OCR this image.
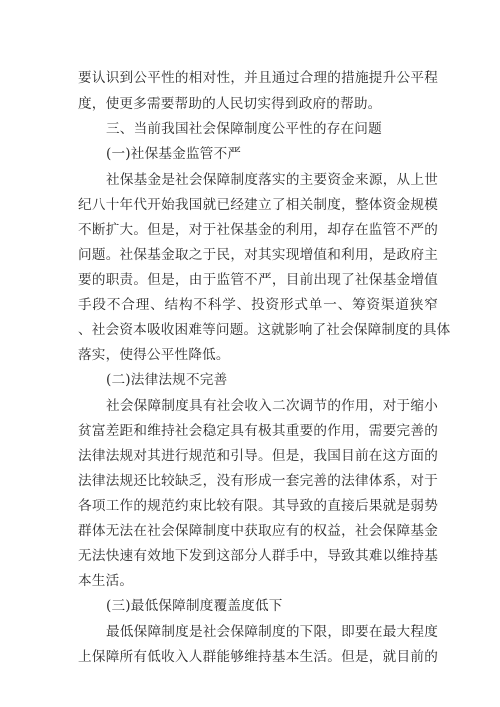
要认识到公平性的相对性，并且通过合理的措施提升公平程
度，使更多需要帮助的人民切实得到政府的帮助。
三、当前我国社会保障制度公平性的存在问题
(一)社保基金监管不严
社保基金是社会保障制度落实的主要资金来源，从上世
纪八十年代开始我国就已经建立了相关制度，整体资金规模
不断扩大。但是，对于社保基金的利用，却存在监管不严的
问题。社保基金取之于民，对其实现增值和利用，是政府主
要的职责。但是，由于监管不严，目前出现了社保基金增值
手段不合理、结构不科学、投资形式单一、筹资渠道狭窄
、社会资本吸收困难等问题。这就影响了社会保障制度的具体
落实，使得公平性降低。
(二)法律法规不完善
社会保障制度具有社会收入二次调节的作用，对于缩小
贫富差距和维持社会稳定具有极其重要的作用，需要完善的
法律法规对其进行规范和引导。但是，我国目前在这方面的
法律法规还比较缺乏，没有形成一套完善的法律体系，对于
各项工作的规范约束比较有限。其导致的直接后果就是弱势
群体无法在社会保障制度中获取应有的权益，社会保障基金
无法快速有效地下发到这部分人群手中，导致其难以维持基
本生活。
(三)最低保障制度覆盖度低下
最低保障制度是社会保障制度的下限，即要在最大程度
上保障所有低收入人群能够维持基本生活。但是，就目前的
